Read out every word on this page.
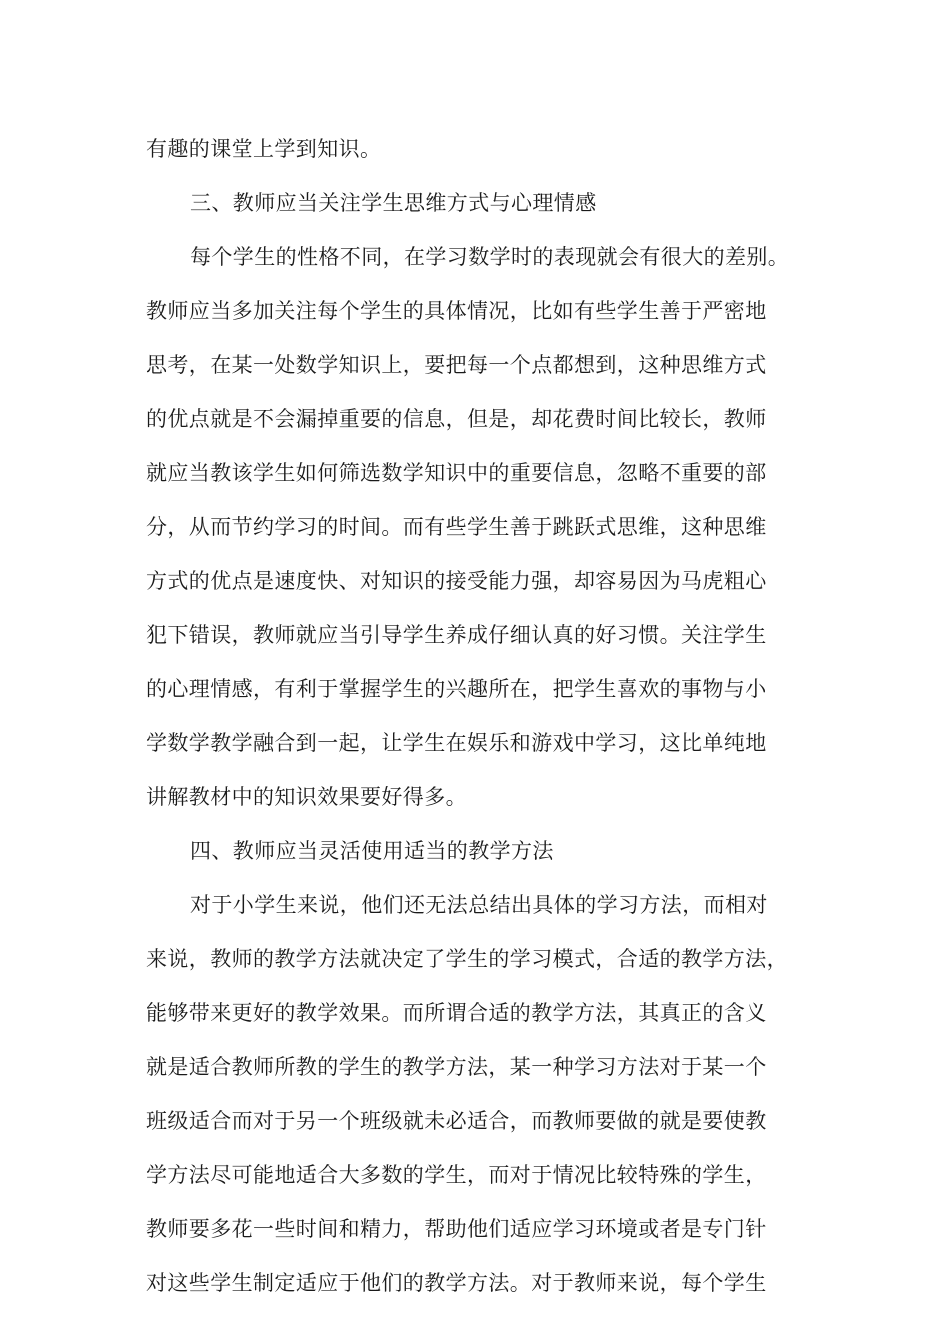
有趣的课堂上学到知识。
三、教师应当关注学生思维方式与心理情感
每个学生的性格不同，在学习数学时的表现就会有很大的差别。
教师应当多加关注每个学生的具体情况，比如有些学生善于严密地
思考，在某一处数学知识上，要把每一个点都想到，这种思维方式
的优点就是不会漏掉重要的信息，但是，却花费时间比较长，教师
就应当教该学生如何筛选数学知识中的重要信息，忽略不重要的部
分，从而节约学习的时间。而有些学生善于跳跃式思维，这种思维
方式的优点是速度快、对知识的接受能力强，却容易因为马虎粗心
犯下错误，教师就应当引导学生养成仔细认真的好习惯。关注学生
的心理情感，有利于掌握学生的兴趣所在，把学生喜欢的事物与小
学数学教学融合到一起，让学生在娱乐和游戏中学习，这比单纯地
讲解教材中的知识效果要好得多。
四、教师应当灵活使用适当的教学方法
对于小学生来说，他们还无法总结出具体的学习方法，而相对
来说，教师的教学方法就决定了学生的学习模式，合适的教学方法，
能够带来更好的教学效果。而所谓合适的教学方法，其真正的含义
就是适合教师所教的学生的教学方法，某一种学习方法对于某一个
班级适合而对于另一个班级就未必适合，而教师要做的就是要使教
学方法尽可能地适合大多数的学生，而对于情况比较特殊的学生，
教师要多花一些时间和精力，帮助他们适应学习环境或者是专门针
对这些学生制定适应于他们的教学方法。对于教师来说，每个学生
